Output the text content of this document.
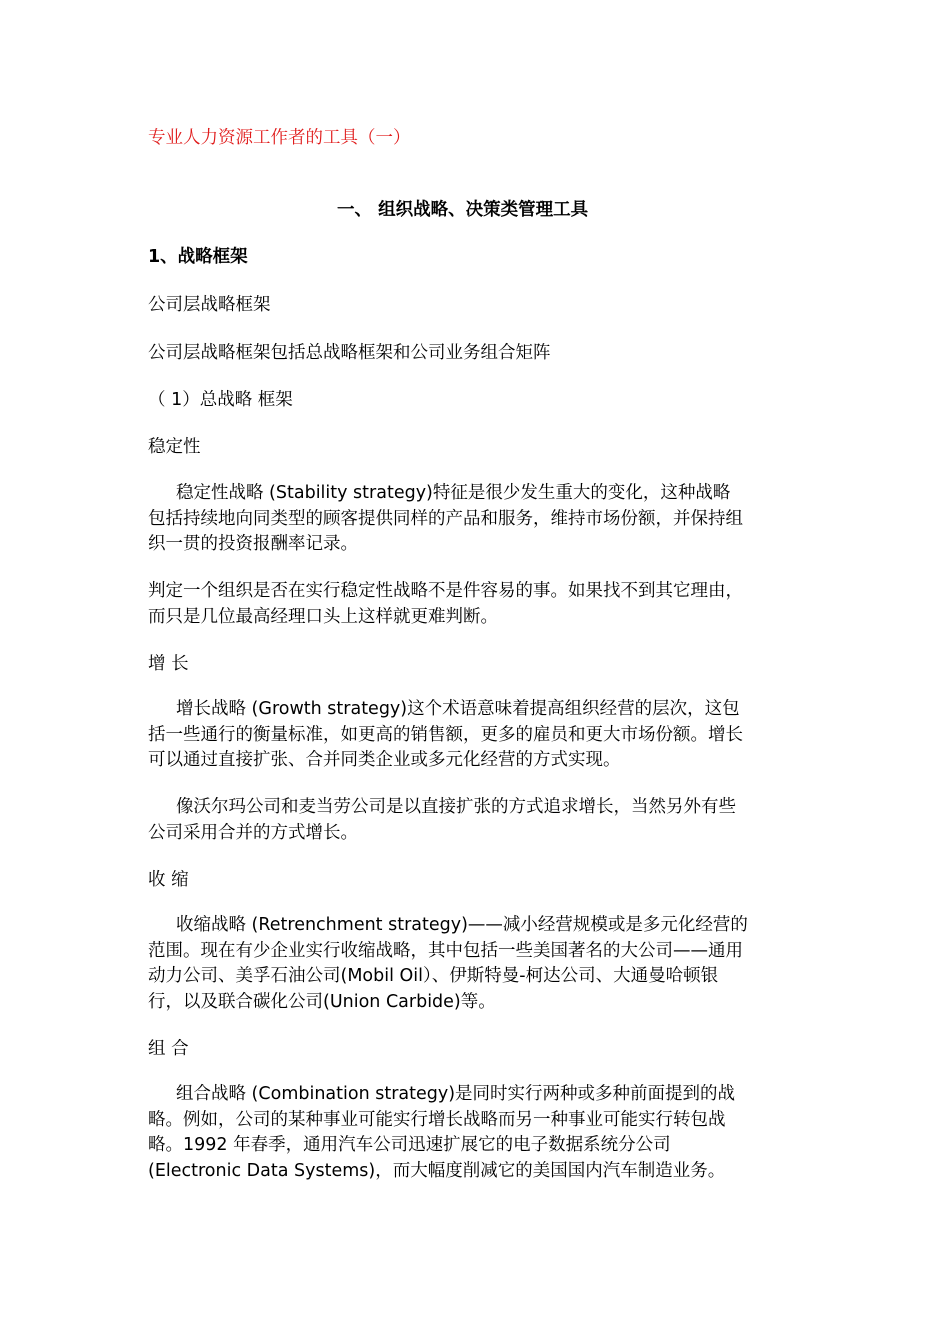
专业人力资源工作者的工具（一）
一、 组织战略、决策类管理工具
1、战略框架
公司层战略框架
公司层战略框架包括总战略框架和公司业务组合矩阵
（ 1）总战略 框架
稳定性
稳定性战略 (Stability strategy)特征是很少发生重大的变化，这种战略
包括持续地向同类型的顾客提供同样的产品和服务，维持市场份额，并保持组
织一贯的投资报酬率记录。
判定一个组织是否在实行稳定性战略不是件容易的事。如果找不到其它理由，
而只是几位最高经理口头上这样就更难判断。
增 长
增长战略 (Growth strategy)这个术语意味着提高组织经营的层次，这包
括一些通行的衡量标准，如更高的销售额，更多的雇员和更大市场份额。增长
可以通过直接扩张、合并同类企业或多元化经营的方式实现。
像沃尔玛公司和麦当劳公司是以直接扩张的方式追求增长，当然另外有些
公司采用合并的方式增长。
收 缩
收缩战略 (Retrenchment strategy)——减小经营规模或是多元化经营的
范围。现在有少企业实行收缩战略，其中包括一些美国著名的大公司——通用
动力公司、美孚石油公司(Mobil Oil）、伊斯特曼-柯达公司、大通曼哈顿银
行，以及联合碳化公司(Union Carbide)等。
组 合
组合战略 (Combination strategy)是同时实行两种或多种前面提到的战
略。例如，公司的某种事业可能实行增长战略而另一种事业可能实行转包战
略。1992 年春季，通用汽车公司迅速扩展它的电子数据系统分公司
(Electronic Data Systems)，而大幅度削减它的美国国内汽车制造业务。
